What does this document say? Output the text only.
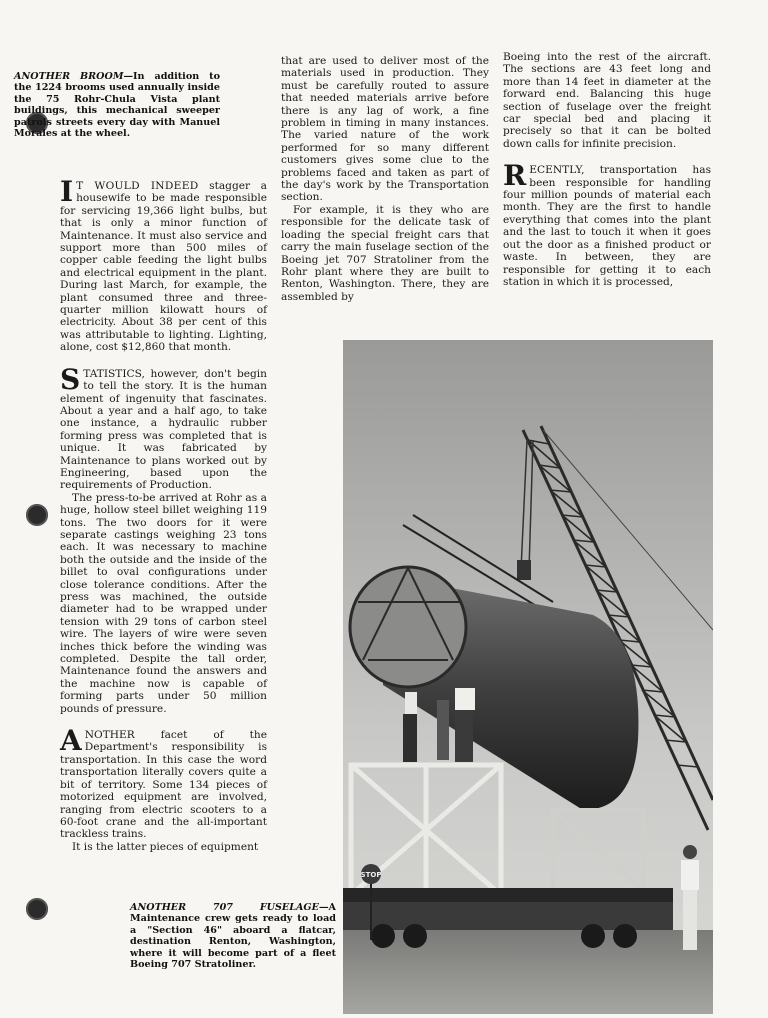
ANOTHER BROOM—In addition to the 1224 brooms used annually inside the 75 Rohr-Chula Vista plant buildings, this mechanical sweeper patrols streets every day with Manuel Morales at the wheel.

I T WOULD INDEED stagger a housewife to be made responsible for servicing 19,366 light bulbs, but that is only a minor function of Maintenance. It must also service and support more than 500 miles of copper cable feeding the light bulbs and electrical equipment in the plant. During last March, for example, the plant consumed three and three-quarter million kilowatt hours of electricity. About 38 per cent of this was attributable to lighting. Lighting, alone, cost $12,860 that month.

STATISTICS, however, don't begin to tell the story. It is the human element of ingenuity that fascinates. About a year and a half ago, to take one instance, a hydraulic rubber forming press was completed that is unique. It was fabricated by Maintenance to plans worked out by Engineering, based upon the requirements of Production.

The press-to-be arrived at Rohr as a huge, hollow steel billet weighing 119 tons. The two doors for it were separate castings weighing 23 tons each. It was necessary to machine both the outside and the inside of the billet to oval configurations under close tolerance conditions. After the press was machined, the outside diameter had to be wrapped under tension with 29 tons of carbon steel wire. The layers of wire were seven inches thick before the winding was completed. Despite the tall order, Maintenance found the answers and the machine now is capable of forming parts under 50 million pounds of pressure.

ANOTHER facet of the Department's responsibility is transportation. In this case the word transportation literally covers quite a bit of territory. Some 134 pieces of motorized equipment are involved, ranging from electric scooters to a 60-foot crane and the all-important trackless trains.

It is the latter pieces of equipment

that are used to deliver most of the materials used in production. They must be carefully routed to assure that needed materials arrive before there is any lag of work, a fine problem in timing in many instances. The varied nature of the work performed for so many different customers gives some clue to the problems faced and taken as part of the day's work by the Transportation section.

For example, it is they who are responsible for the delicate task of loading the special freight cars that carry the main fuselage section of the Boeing jet 707 Stratoliner from the Rohr plant where they are built to Renton, Washington. There, they are assembled by

Boeing into the rest of the aircraft. The sections are 43 feet long and more than 14 feet in diameter at the forward end. Balancing this huge section of fuselage over the freight car special bed and placing it precisely so that it can be bolted down calls for infinite precision.

RECENTLY, transportation has been responsible for handling four million pounds of material each month. They are the first to handle everything that comes into the plant and the last to touch it when it goes out the door as a finished product or waste. In between, they are responsible for getting it to each station in which it is processed,

STOP
ANOTHER 707 FUSELAGE—A Maintenance crew gets ready to load a "Section 46" aboard a flatcar, destination Renton, Washington, where it will become part of a fleet Boeing 707 Stratoliner.
